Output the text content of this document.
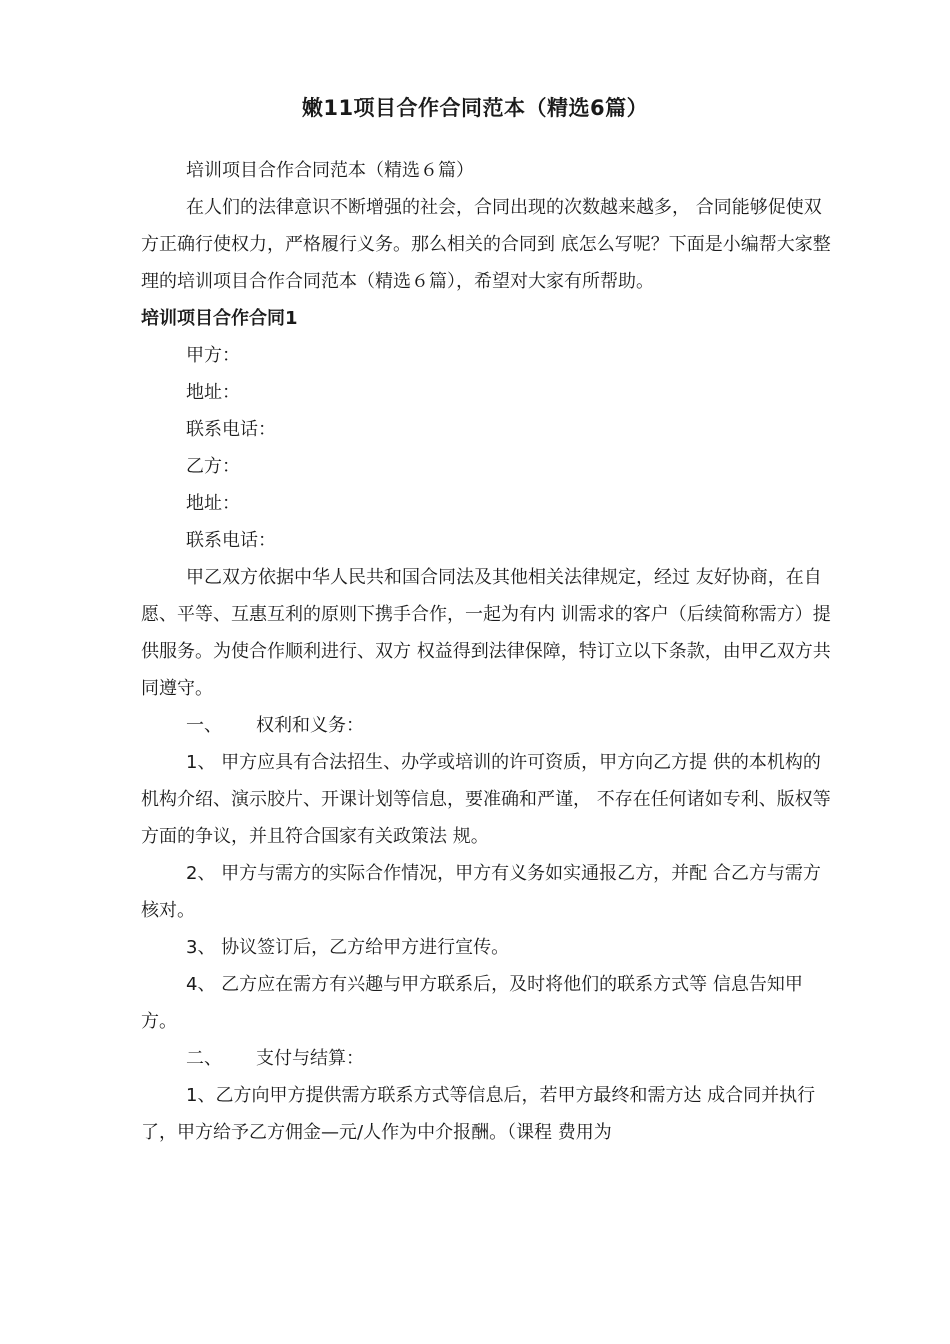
嫩11项目合作合同范本（精选6篇）

培训项目合作合同范本（精选６篇）

在人们的法律意识不断增强的社会，合同出现的次数越来越多， 合同能够促使双方正确行使权力，严格履行义务。那么相关的合同到 底怎么写呢？下面是小编帮大家整理的培训项目合作合同范本（精选６篇），希望对大家有所帮助。

培训项目合作合同1

甲方：

地址：

联系电话：

乙方：

地址：

联系电话：

甲乙双方依据中华人民共和国合同法及其他相关法律规定，经过 友好协商，在自愿、平等、互惠互利的原则下携手合作，一起为有内 训需求的客户（后续简称需方）提供服务。为使合作顺利进行、双方 权益得到法律保障，特订立以下条款，由甲乙双方共同遵守。

一、 权利和义务：

1、 甲方应具有合法招生、办学或培训的许可资质，甲方向乙方提 供的本机构的机构介绍、演示胶片、开课计划等信息，要准确和严谨， 不存在任何诸如专利、版权等方面的争议，并且符合国家有关政策法 规。

2、 甲方与需方的实际合作情况，甲方有义务如实通报乙方，并配 合乙方与需方核对。

3、 协议签订后，乙方给甲方进行宣传。

4、 乙方应在需方有兴趣与甲方联系后，及时将他们的联系方式等 信息告知甲方。

二、 支付与结算：

1、乙方向甲方提供需方联系方式等信息后，若甲方最终和需方达 成合同并执行了，甲方给予乙方佣金—元/人作为中介报酬。（课程 费用为
